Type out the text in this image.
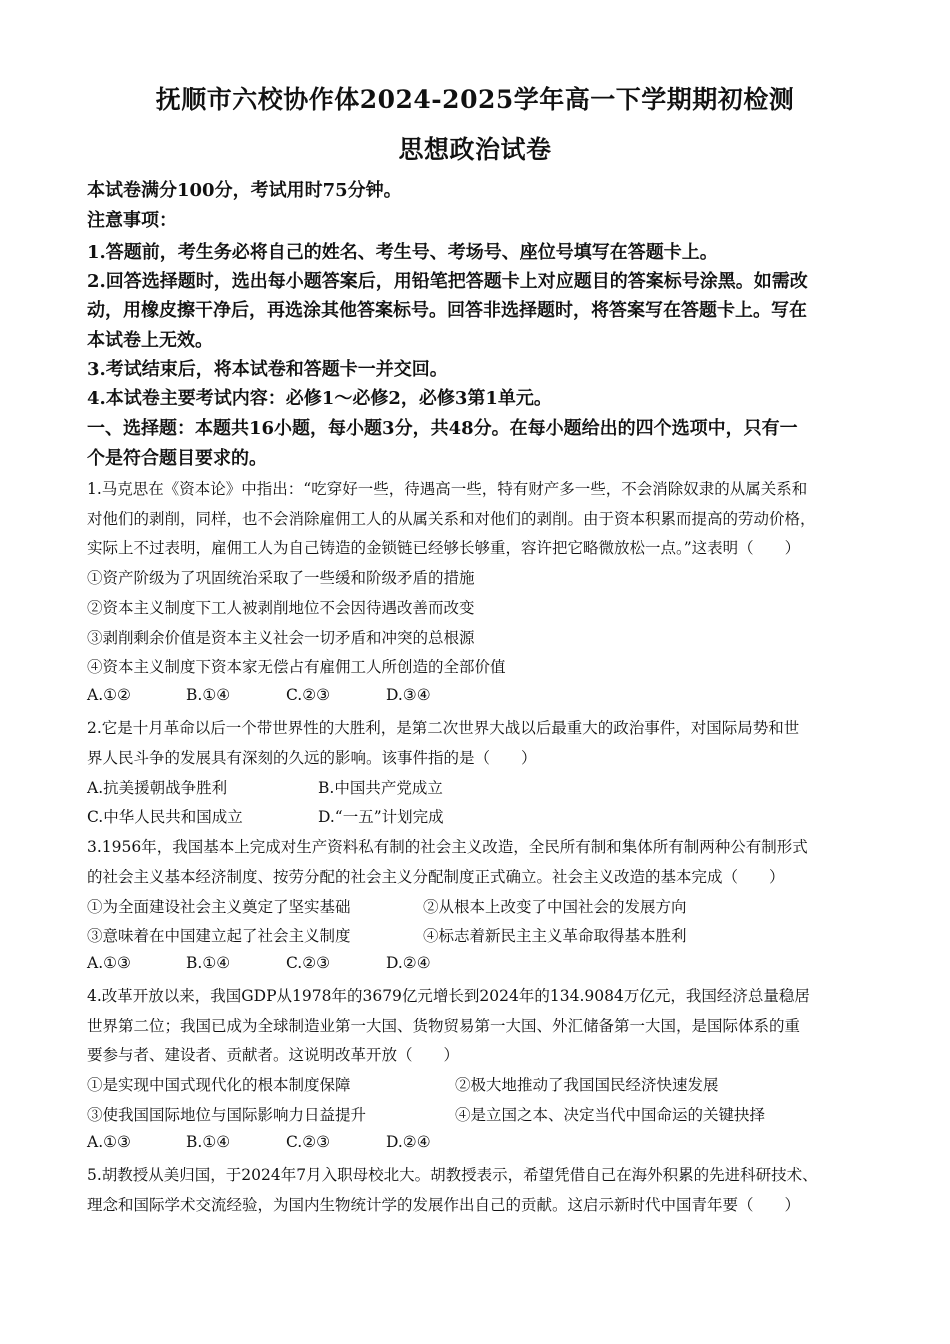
抚顺市六校协作体2024-2025学年高一下学期期初检测
思想政治试卷
本试卷满分100分，考试用时75分钟。
注意事项：
1.答题前，考生务必将自己的姓名、考生号、考场号、座位号填写在答题卡上。
2.回答选择题时，选出每小题答案后，用铅笔把答题卡上对应题目的答案标号涂黑。如需改
动，用橡皮擦干净后，再选涂其他答案标号。回答非选择题时，将答案写在答题卡上。写在
本试卷上无效。
3.考试结束后，将本试卷和答题卡一并交回。
4.本试卷主要考试内容：必修1～必修2，必修3第1单元。
一、选择题：本题共16小题，每小题3分，共48分。在每小题给出的四个选项中，只有一
个是符合题目要求的。
1.马克思在《资本论》中指出：“吃穿好一些，待遇高一些，特有财产多一些，不会消除奴隶的从属关系和
对他们的剥削，同样，也不会消除雇佣工人的从属关系和对他们的剥削。由于资本积累而提高的劳动价格，
实际上不过表明，雇佣工人为自己铸造的金锁链已经够长够重，容许把它略微放松一点。”这表明（　　）
①资产阶级为了巩固统治采取了一些缓和阶级矛盾的措施
②资本主义制度下工人被剥削地位不会因待遇改善而改变
③剥削剩余价值是资本主义社会一切矛盾和冲突的总根源
④资本主义制度下资本家无偿占有雇佣工人所创造的全部价值
A.①②	B.①④	C.②③	D.③④
2.它是十月革命以后一个带世界性的大胜利，是第二次世界大战以后最重大的政治事件，对国际局势和世
界人民斗争的发展具有深刻的久远的影响。该事件指的是（　　）
A.抗美援朝战争胜利	B.中国共产党成立
C.中华人民共和国成立	D.“一五”计划完成
3.1956年，我国基本上完成对生产资料私有制的社会主义改造，全民所有制和集体所有制两种公有制形式
的社会主义基本经济制度、按劳分配的社会主义分配制度正式确立。社会主义改造的基本完成（　　）
①为全面建设社会主义奠定了坚实基础	②从根本上改变了中国社会的发展方向
③意味着在中国建立起了社会主义制度	④标志着新民主主义革命取得基本胜利
A.①③	B.①④	C.②③	D.②④
4.改革开放以来，我国GDP从1978年的3679亿元增长到2024年的134.9084万亿元，我国经济总量稳居
世界第二位；我国已成为全球制造业第一大国、货物贸易第一大国、外汇储备第一大国，是国际体系的重
要参与者、建设者、贡献者。这说明改革开放（　　）
①是实现中国式现代化的根本制度保障	②极大地推动了我国国民经济快速发展
③使我国国际地位与国际影响力日益提升	④是立国之本、决定当代中国命运的关键抉择
A.①③	B.①④	C.②③	D.②④
5.胡教授从美归国，于2024年7月入职母校北大。胡教授表示，希望凭借自己在海外积累的先进科研技术、
理念和国际学术交流经验，为国内生物统计学的发展作出自己的贡献。这启示新时代中国青年要（　　）
